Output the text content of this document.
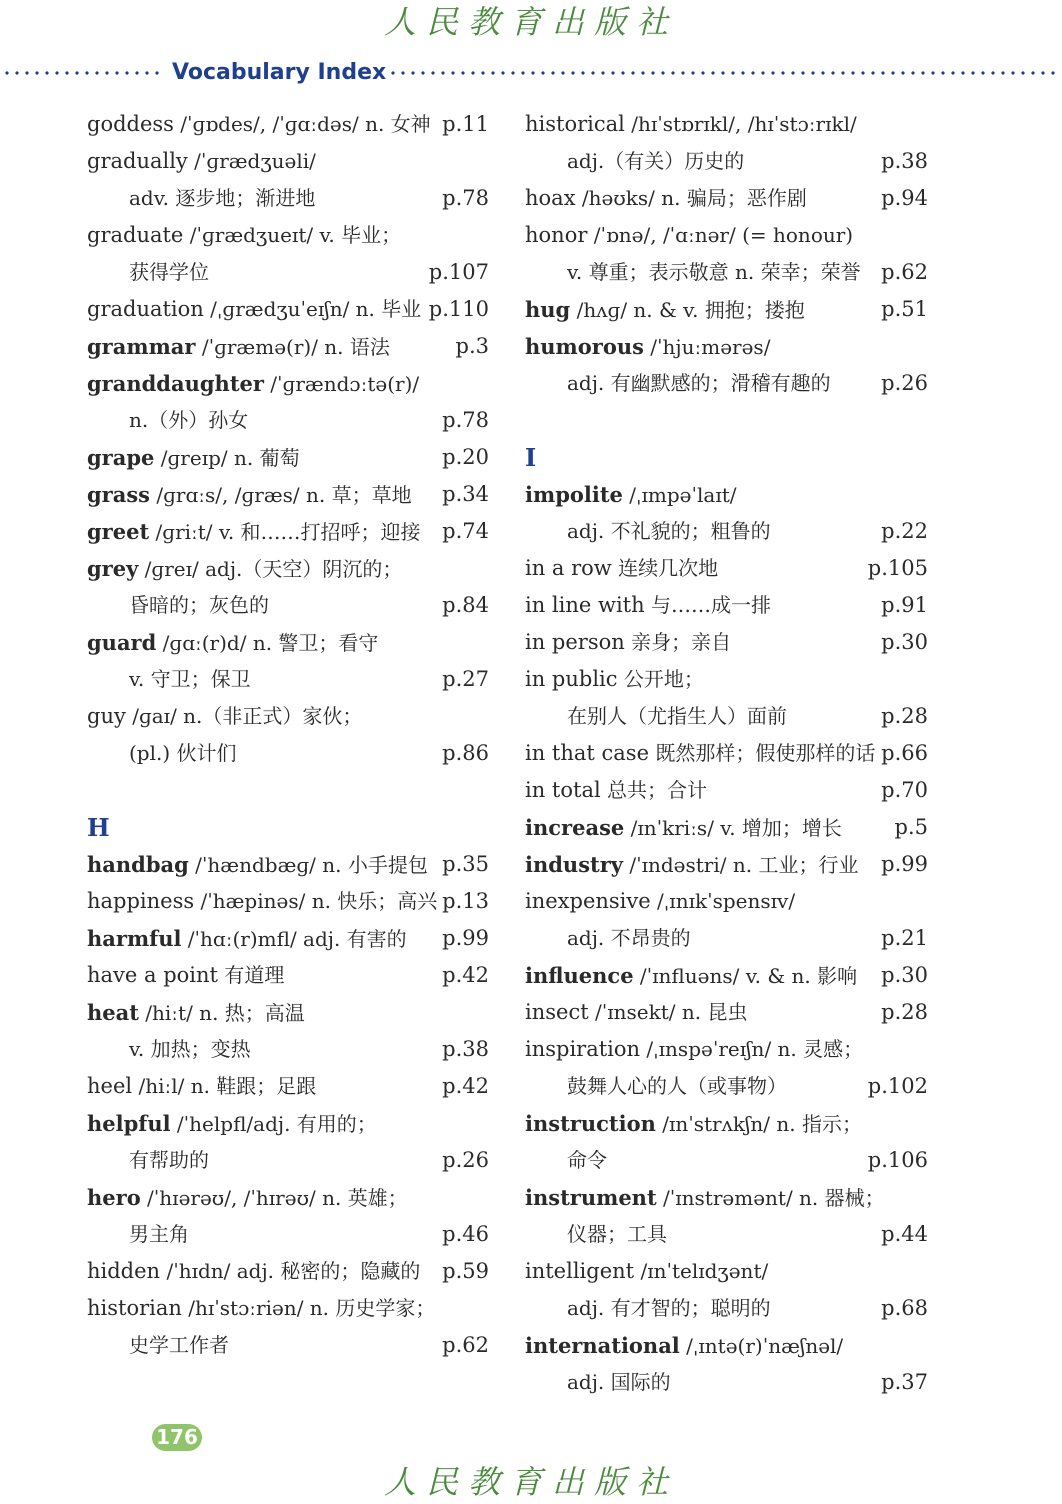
人民教育出版社
Vocabulary Index
goddess /ˈɡɒdes/, /ˈɡɑːdəs/ n. 女神 p.11
gradually /ˈɡrædʒuəli/
adv. 逐步地；渐进地	p.78
graduate /ˈɡrædʒueɪt/ v. 毕业；
获得学位	p.107
graduation /ˌɡrædʒuˈeɪʃn/ n. 毕业 p.110
grammar /ˈɡræmə(r)/ n. 语法	p.3
granddaughter /ˈɡrændɔːtə(r)/
n.（外）孙女	p.78
grape /ɡreɪp/ n. 葡萄	p.20
grass /ɡrɑːs/, /ɡræs/ n. 草；草地 p.34
greet /ɡriːt/ v. 和……打招呼；迎接 p.74
grey /ɡreɪ/ adj.（天空）阴沉的；
昏暗的；灰色的	p.84
guard /ɡɑː(r)d/ n. 警卫；看守
v. 守卫；保卫	p.27
guy /ɡaɪ/ n.（非正式）家伙；
(pl.) 伙计们	p.86
H
handbag /ˈhændbæɡ/ n. 小手提包 p.35
happiness /ˈhæpinəs/ n. 快乐；高兴 p.13
harmful /ˈhɑː(r)mfl/ adj. 有害的 p.99
have a point 有道理	p.42
heat /hiːt/ n. 热；高温
v. 加热；变热	p.38
heel /hiːl/ n. 鞋跟；足跟	p.42
helpful /ˈhelpfl/adj. 有用的；
有帮助的	p.26
hero /ˈhɪərəʊ/, /ˈhɪrəʊ/ n. 英雄；
男主角	p.46
hidden /ˈhɪdn/ adj. 秘密的；隐藏的 p.59
historian /hɪˈstɔːriən/ n. 历史学家；
史学工作者	p.62
historical /hɪˈstɒrɪkl/, /hɪˈstɔːrɪkl/
adj.（有关）历史的	p.38
hoax /həʊks/ n. 骗局；恶作剧	p.94
honor /ˈɒnə/, /ˈɑːnər/ (= honour)
v. 尊重；表示敬意 n. 荣幸；荣誉 p.62
hug /hʌɡ/ n. & v. 拥抱；搂抱	p.51
humorous /ˈhjuːmərəs/
adj. 有幽默感的；滑稽有趣的 p.26
I
impolite /ˌɪmpəˈlaɪt/
adj. 不礼貌的；粗鲁的	p.22
in a row 连续几次地	p.105
in line with 与……成一排	p.91
in person 亲身；亲自	p.30
in public 公开地；
在别人（尤指生人）面前	p.28
in that case 既然那样；假使那样的话 p.66
in total 总共；合计	p.70
increase /ɪnˈkriːs/ v. 增加；增长	p.5
industry /ˈɪndəstri/ n. 工业；行业 p.99
inexpensive /ˌɪnɪkˈspensɪv/
adj. 不昂贵的	p.21
influence /ˈɪnfluəns/ v. & n. 影响 p.30
insect /ˈɪnsekt/ n. 昆虫	p.28
inspiration /ˌɪnspəˈreɪʃn/ n. 灵感；
鼓舞人心的人（或事物）	p.102
instruction /ɪnˈstrʌkʃn/ n. 指示；
命令	p.106
instrument /ˈɪnstrəmənt/ n. 器械；
仪器；工具	p.44
intelligent /ɪnˈtelɪdʒənt/
adj. 有才智的；聪明的	p.68
international /ˌɪntə(r)ˈnæʃnəl/
adj. 国际的	p.37
176
人民教育出版社
